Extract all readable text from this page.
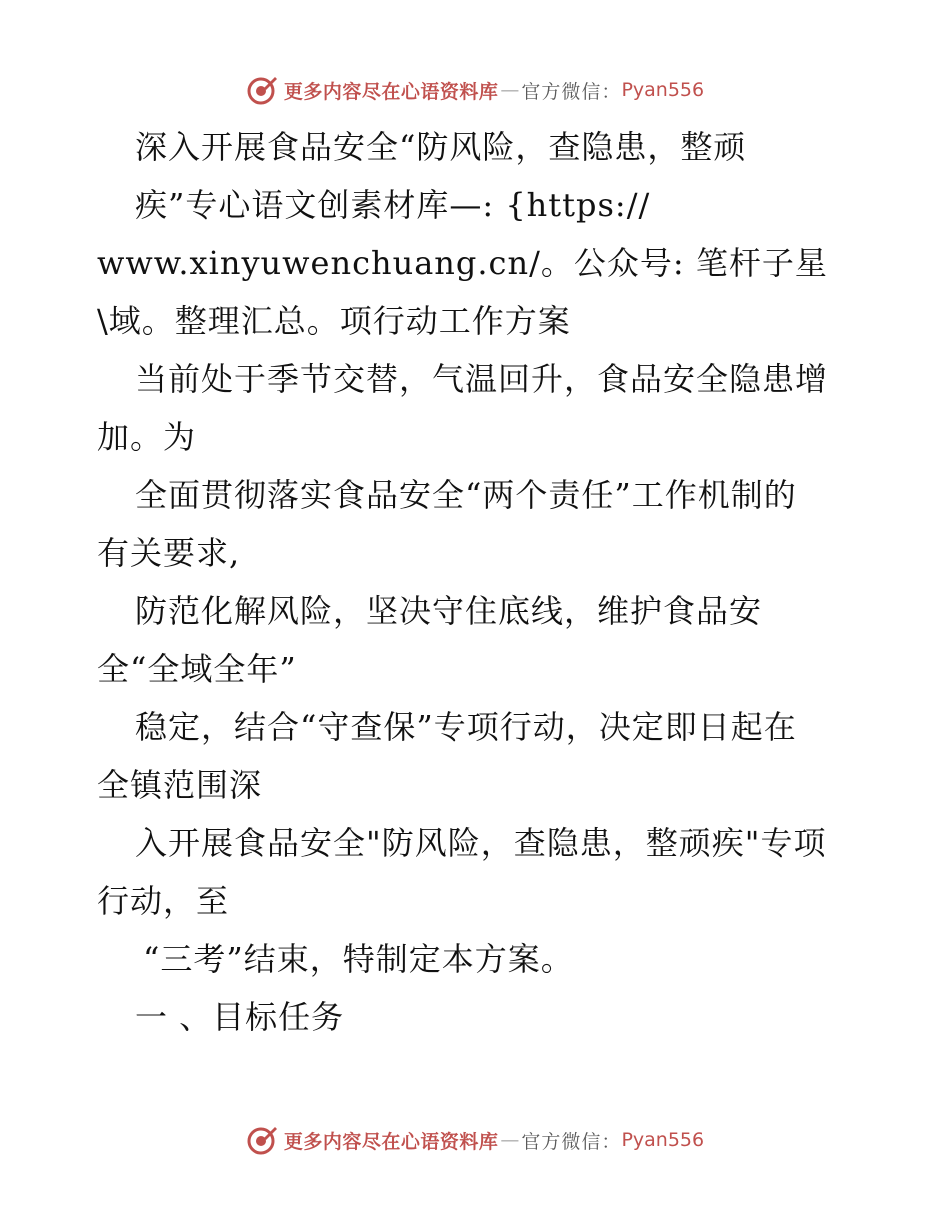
更多内容尽在心语资料库 — 官方微信： Pyan556
深入开展食品安全“防风险，查隐患，整顽
疾”专心语文创素材库—: {https://
www.xinyuwenchuang.cn/。公众号: 笔杆子星
\域。整理汇总。项行动工作方案
当前处于季节交替，气温回升，食品安全隐患增
加。为
全面贯彻落实食品安全“两个责任”工作机制的
有关要求,
防范化解风险，坚决守住底线，维护食品安
全“全域全年”
稳定，结合“守查保”专项行动，决定即日起在
全镇范围深
入开展食品安全"防风险，查隐患，整顽疾"专项
行动，至
“三考”结束，特制定本方案。
一 、目标任务
更多内容尽在心语资料库 — 官方微信： Pyan556
